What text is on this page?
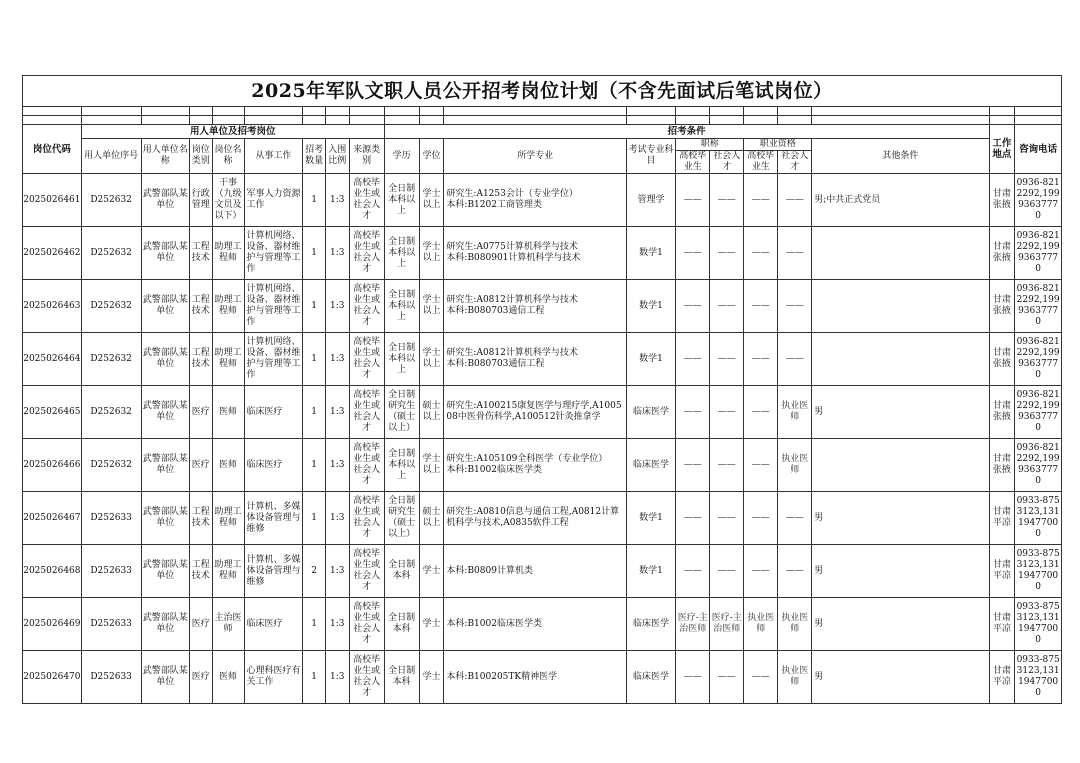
2025年军队文职人员公开招考岗位计划（不含先面试后笔试岗位）																			

岗位代码	用人单位及招考岗位								招考条件									工作地点	咨询电话
	用人单位序号	用人单位名称	岗位类别	岗位名称	从事工作	招考数量	入围比例	来源类别	学历	学位	所学专业	考试专业科目	职称		职业资格		其他条件		
													高校毕业生	社会人才	高校毕业生	社会人才			

2025026461	D252632	武警部队某单位	行政管理	干事（九级文员及以下）	军事人力资源工作	1	1:3	高校毕业生或社会人才	全日制本科以上	学士以上	研究生:A1253会计（专业学位）
本科:B1202工商管理类	管理学	——	——	——	——	男;中共正式党员	甘肃张掖	0936-8212292,19993637770
2025026462	D252632	武警部队某单位	工程技术	助理工程师	计算机网络、设备、器材维护与管理等工作	1	1:3	高校毕业生或社会人才	全日制本科以上	学士以上	研究生:A0775计算机科学与技术
本科:B080901计算机科学与技术	数学1	——	——	——	——		甘肃张掖	0936-8212292,19993637770
2025026463	D252632	武警部队某单位	工程技术	助理工程师	计算机网络、设备、器材维护与管理等工作	1	1:3	高校毕业生或社会人才	全日制本科以上	学士以上	研究生:A0812计算机科学与技术
本科:B080703通信工程	数学1	——	——	——	——		甘肃张掖	0936-8212292,19993637770
2025026464	D252632	武警部队某单位	工程技术	助理工程师	计算机网络、设备、器材维护与管理等工作	1	1:3	高校毕业生或社会人才	全日制本科以上	学士以上	研究生:A0812计算机科学与技术
本科:B080703通信工程	数学1	——	——	——	——		甘肃张掖	0936-8212292,19993637770
2025026465	D252632	武警部队某单位	医疗	医师	临床医疗	1	1:3	高校毕业生或社会人才	全日制研究生（硕士以上）	硕士以上	研究生:A100215康复医学与理疗学,A100508中医骨伤科学,A100512针灸推拿学	临床医学	——	——	——	执业医师	男	甘肃张掖	0936-8212292,19993637770
2025026466	D252632	武警部队某单位	医疗	医师	临床医疗	1	1:3	高校毕业生或社会人才	全日制本科以上	学士以上	研究生:A105109全科医学（专业学位）
本科:B1002临床医学类	临床医学	——	——	——	执业医师		甘肃张掖	0936-8212292,19993637770
2025026467	D252633	武警部队某单位	工程技术	助理工程师	计算机、多媒体设备管理与维修	1	1:3	高校毕业生或社会人才	全日制研究生（硕士以上）	硕士以上	研究生:A0810信息与通信工程,A0812计算机科学与技术,A0835软件工程	数学1	——	——	——	——	男	甘肃平凉	0933-8753123,13119477000
2025026468	D252633	武警部队某单位	工程技术	助理工程师	计算机、多媒体设备管理与维修	2	1:3	高校毕业生或社会人才	全日制本科	学士	本科:B0809计算机类	数学1	——	——	——	——	男	甘肃平凉	0933-8753123,13119477000
2025026469	D252633	武警部队某单位	医疗	主治医师	临床医疗	1	1:3	高校毕业生或社会人才	全日制本科	学士	本科:B1002临床医学类	临床医学	医疗-主治医师	医疗-主治医师	执业医师	执业医师	男	甘肃平凉	0933-8753123,13119477000
2025026470	D252633	武警部队某单位	医疗	医师	心理科医疗有关工作	1	1:3	高校毕业生或社会人才	全日制本科	学士	本科:B100205TK精神医学	临床医学	——	——	——	执业医师	男	甘肃平凉	0933-8753123,13119477000
